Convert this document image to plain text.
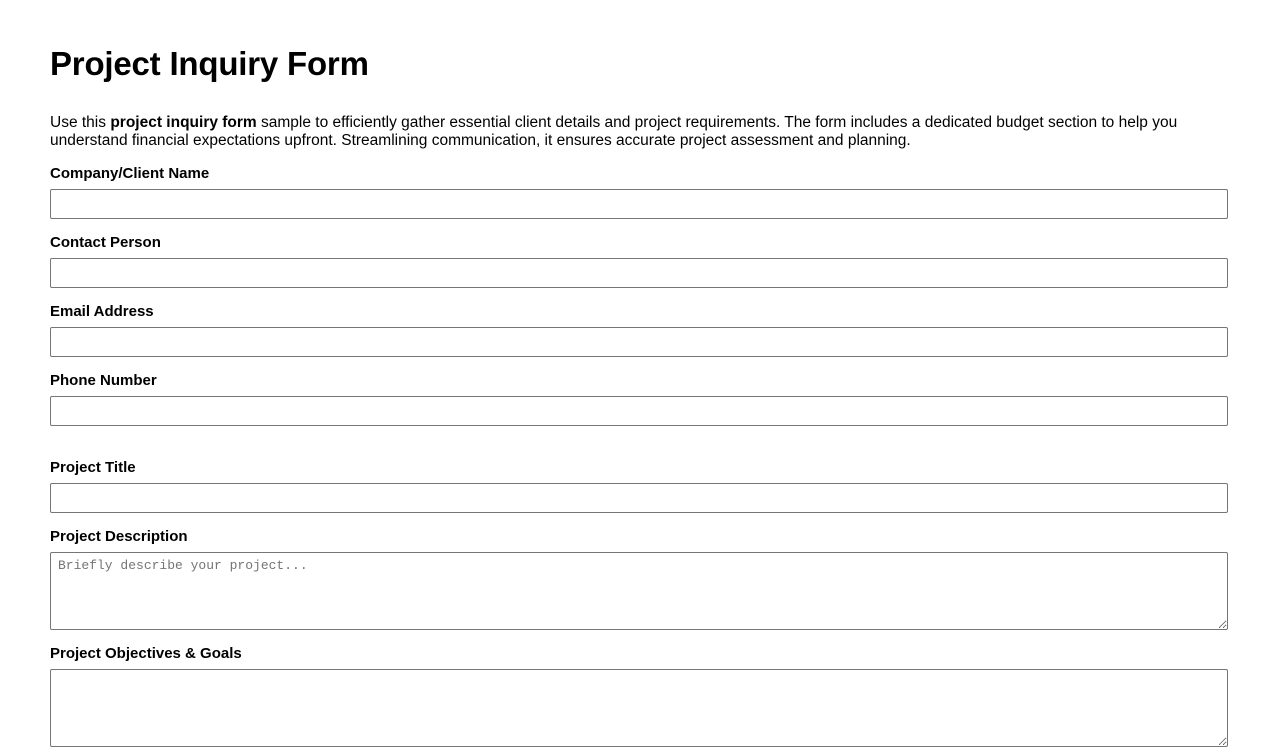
Project Inquiry Form

Use this project inquiry form sample to efficiently gather essential client details and project requirements. The form includes a dedicated budget section to help you understand financial expectations upfront. Streamlining communication, it ensures accurate project assessment and planning.

Company/Client Name
Contact Person
Email Address
Phone Number
Project Title
Project Description
Briefly describe your project...
Project Objectives & Goals
